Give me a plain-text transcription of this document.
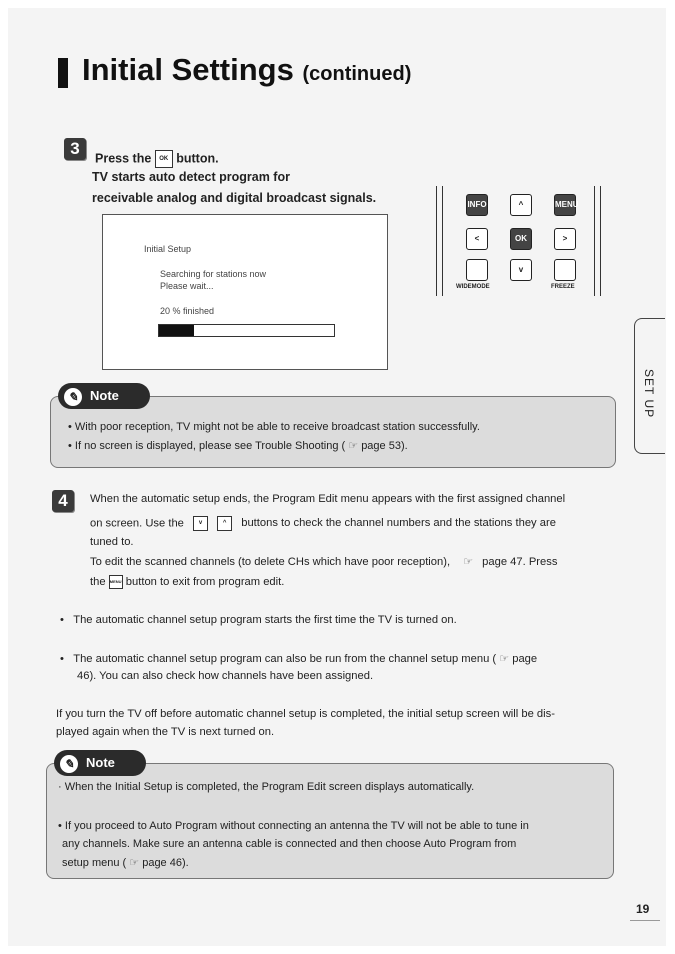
Initial Settings (continued)
3
Press the OK button.
TV starts auto detect program for
receivable analog and digital broadcast signals.
Initial Setup
Searching for stations now
Please wait...
20 % finished
INFO	^	MENU
<	OK	>
v
WIDEMODE	FREEZE
✎ Note
• With poor reception, TV might not be able to receive broadcast station successfully.
• If no screen is displayed, please see Trouble Shooting ( ☞ page 53).
4	When the automatic setup ends, the Program Edit menu appears with the first assigned channel
on screen. Use the v	^ buttons to check the channel numbers and the stations they are
tuned to.
To edit the scanned channels (to delete CHs which have poor reception), ☞ page 47. Press
the MENU button to exit from program edit.
•   The automatic channel setup program starts the first time the TV is turned on.
•   The automatic channel setup program can also be run from the channel setup menu ( ☞ page
46). You can also check how channels have been assigned.
If you turn the TV off before automatic channel setup is completed, the initial setup screen will be dis-
played again when the TV is next turned on.
✎ Note
· When the Initial Setup is completed, the Program Edit screen displays automatically.
• If you proceed to Auto Program without connecting an antenna the TV will not be able to tune in
any channels. Make sure an antenna cable is connected and then choose Auto Program from
setup menu ( ☞ page 46).
SET UP
19
